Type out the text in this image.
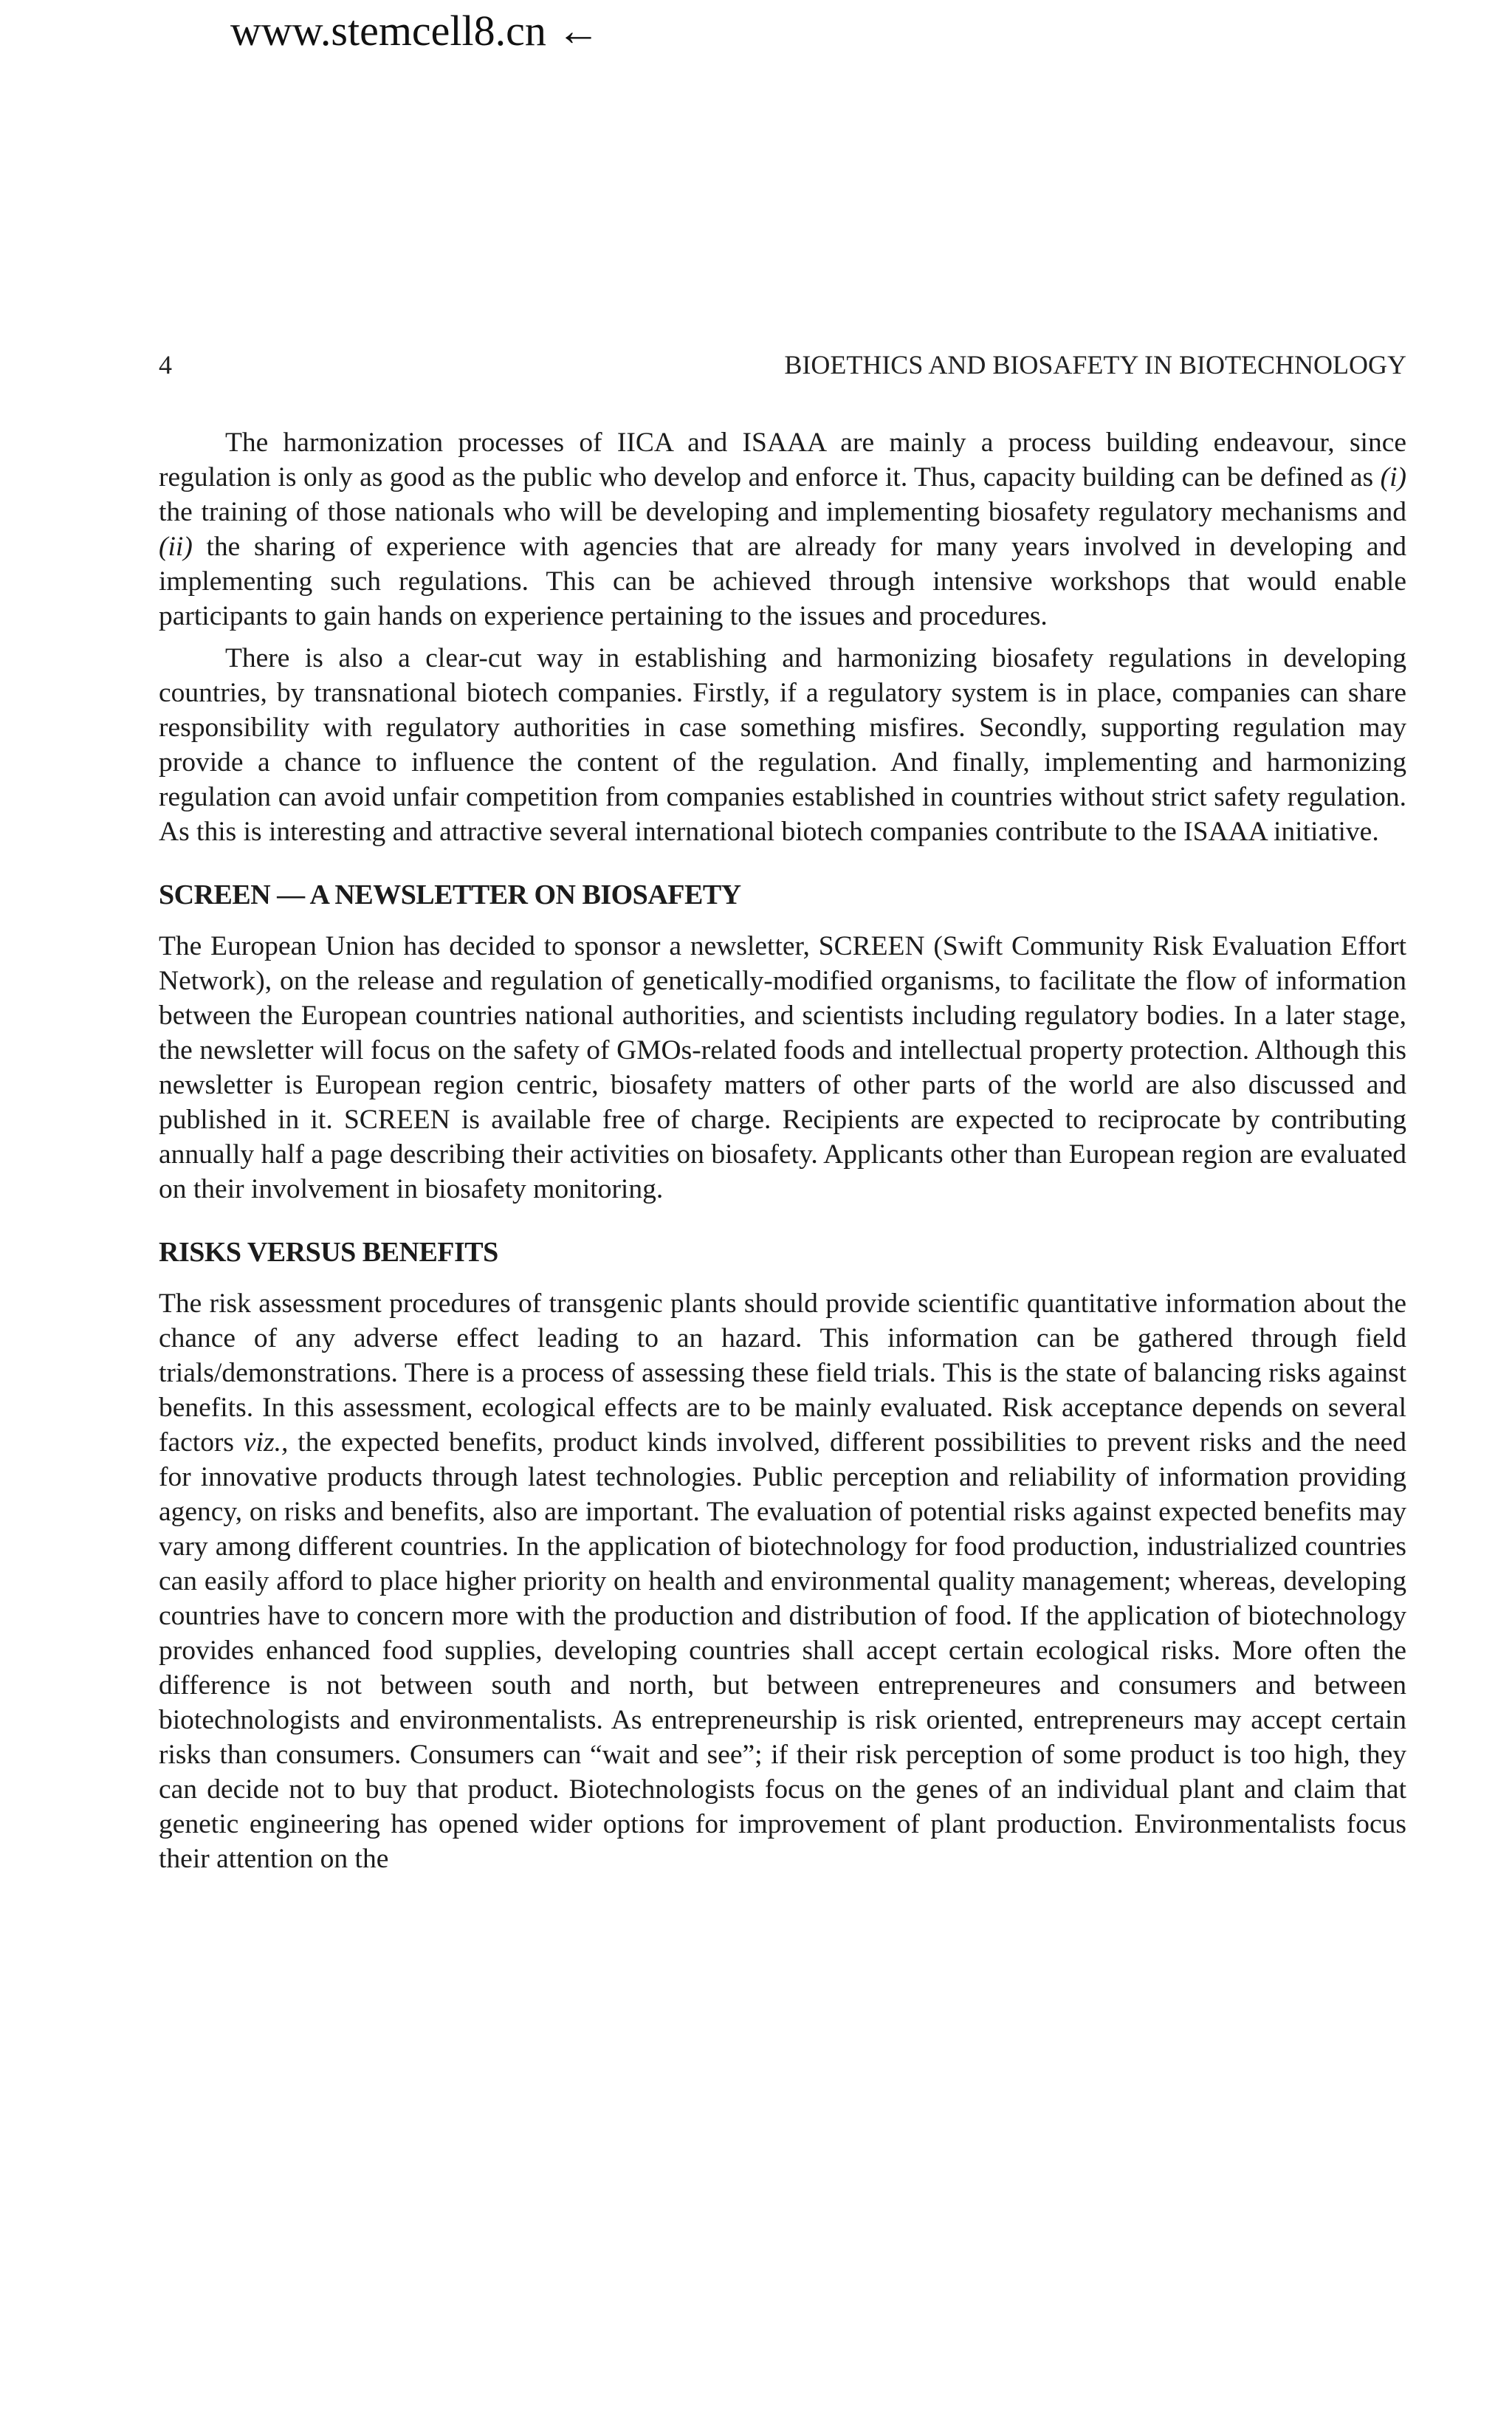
www.stemcell8.cn ←
4	BIOETHICS AND BIOSAFETY IN BIOTECHNOLOGY

The harmonization processes of IICA and ISAAA are mainly a process building endeavour, since regulation is only as good as the public who develop and enforce it. Thus, capacity building can be defined as (i) the training of those nationals who will be developing and implementing biosafety regulatory mechanisms and (ii) the sharing of experience with agencies that are already for many years involved in developing and implementing such regulations. This can be achieved through intensive workshops that would enable participants to gain hands on experience pertaining to the issues and procedures.

There is also a clear-cut way in establishing and harmonizing biosafety regulations in developing countries, by transnational biotech companies. Firstly, if a regulatory system is in place, companies can share responsibility with regulatory authorities in case something misfires. Secondly, supporting regulation may provide a chance to influence the content of the regulation. And finally, implementing and harmonizing regulation can avoid unfair competition from companies established in countries without strict safety regulation. As this is interesting and attractive several international biotech companies contribute to the ISAAA initiative.

SCREEN — A NEWSLETTER ON BIOSAFETY

The European Union has decided to sponsor a newsletter, SCREEN (Swift Community Risk Evaluation Effort Network), on the release and regulation of genetically-modified organisms, to facilitate the flow of information between the European countries national authorities, and scientists including regulatory bodies. In a later stage, the newsletter will focus on the safety of GMOs-related foods and intellectual property protection. Although this newsletter is European region centric, biosafety matters of other parts of the world are also discussed and published in it. SCREEN is available free of charge. Recipients are expected to reciprocate by contributing annually half a page describing their activities on biosafety. Applicants other than European region are evaluated on their involvement in biosafety monitoring.

RISKS VERSUS BENEFITS

The risk assessment procedures of transgenic plants should provide scientific quantitative information about the chance of any adverse effect leading to an hazard. This information can be gathered through field trials/demonstrations. There is a process of assessing these field trials. This is the state of balancing risks against benefits. In this assessment, ecological effects are to be mainly evaluated. Risk acceptance depends on several factors viz., the expected benefits, product kinds involved, different possibilities to prevent risks and the need for innovative products through latest technologies. Public perception and reliability of information providing agency, on risks and benefits, also are important. The evaluation of potential risks against expected benefits may vary among different countries. In the application of biotechnology for food production, industrialized countries can easily afford to place higher priority on health and environmental quality management; whereas, developing countries have to concern more with the production and distribution of food. If the application of biotechnology provides enhanced food supplies, developing countries shall accept certain ecological risks. More often the difference is not between south and north, but between entrepreneures and consumers and between biotechnologists and environmentalists. As entrepreneurship is risk oriented, entrepreneurs may accept certain risks than consumers. Consumers can “wait and see”; if their risk perception of some product is too high, they can decide not to buy that product. Biotechnologists focus on the genes of an individual plant and claim that genetic engineering has opened wider options for improvement of plant production. Environmentalists focus their attention on the
